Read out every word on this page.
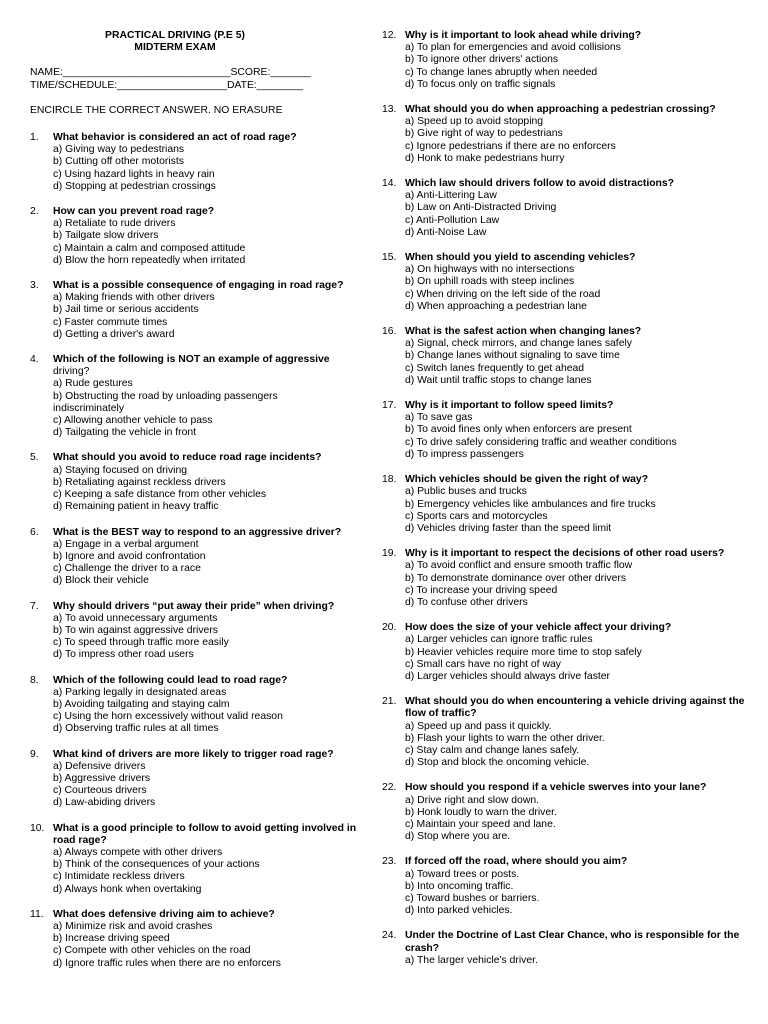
PRACTICAL DRIVING (P.E 5)
MIDTERM EXAM
NAME:_____________________________SCORE:_______
TIME/SCHEDULE:___________________DATE:________
ENCIRCLE THE CORRECT ANSWER. NO ERASURE
1.	What behavior is considered an act of road rage?
a) Giving way to pedestrians
b) Cutting off other motorists
c) Using hazard lights in heavy rain
d) Stopping at pedestrian crossings
2.	How can you prevent road rage?
a) Retaliate to rude drivers
b) Tailgate slow drivers
c) Maintain a calm and composed attitude
d) Blow the horn repeatedly when irritated
3.	What is a possible consequence of engaging in road rage?
a) Making friends with other drivers
b) Jail time or serious accidents
c) Faster commute times
d) Getting a driver's award
4.	Which of the following is NOT an example of aggressive
driving?
a) Rude gestures
b) Obstructing the road by unloading passengers
indiscriminately
c) Allowing another vehicle to pass
d) Tailgating the vehicle in front
5.	What should you avoid to reduce road rage incidents?
a) Staying focused on driving
b) Retaliating against reckless drivers
c) Keeping a safe distance from other vehicles
d) Remaining patient in heavy traffic
6.	What is the BEST way to respond to an aggressive driver?
a) Engage in a verbal argument
b) Ignore and avoid confrontation
c) Challenge the driver to a race
d) Block their vehicle
7.	Why should drivers “put away their pride” when driving?
a) To avoid unnecessary arguments
b) To win against aggressive drivers
c) To speed through traffic more easily
d) To impress other road users
8.	Which of the following could lead to road rage?
a) Parking legally in designated areas
b) Avoiding tailgating and staying calm
c) Using the horn excessively without valid reason
d) Observing traffic rules at all times
9.	What kind of drivers are more likely to trigger road rage?
a) Defensive drivers
b) Aggressive drivers
c) Courteous drivers
d) Law-abiding drivers
10. What is a good principle to follow to avoid getting involved in road rage?
a) Always compete with other drivers
b) Think of the consequences of your actions
c) Intimidate reckless drivers
d) Always honk when overtaking
11. What does defensive driving aim to achieve?
a) Minimize risk and avoid crashes
b) Increase driving speed
c) Compete with other vehicles on the road
d) Ignore traffic rules when there are no enforcers
12. Why is it important to look ahead while driving?
a) To plan for emergencies and avoid collisions
b) To ignore other drivers' actions
c) To change lanes abruptly when needed
d) To focus only on traffic signals
13. What should you do when approaching a pedestrian crossing?
a) Speed up to avoid stopping
b) Give right of way to pedestrians
c) Ignore pedestrians if there are no enforcers
d) Honk to make pedestrians hurry
14. Which law should drivers follow to avoid distractions?
a) Anti-Littering Law
b) Law on Anti-Distracted Driving
c) Anti-Pollution Law
d) Anti-Noise Law
15. When should you yield to ascending vehicles?
a) On highways with no intersections
b) On uphill roads with steep inclines
c) When driving on the left side of the road
d) When approaching a pedestrian lane
16. What is the safest action when changing lanes?
a) Signal, check mirrors, and change lanes safely
b) Change lanes without signaling to save time
c) Switch lanes frequently to get ahead
d) Wait until traffic stops to change lanes
17. Why is it important to follow speed limits?
a) To save gas
b) To avoid fines only when enforcers are present
c) To drive safely considering traffic and weather conditions
d) To impress passengers
18. Which vehicles should be given the right of way?
a) Public buses and trucks
b) Emergency vehicles like ambulances and fire trucks
c) Sports cars and motorcycles
d) Vehicles driving faster than the speed limit
19. Why is it important to respect the decisions of other road users?
a) To avoid conflict and ensure smooth traffic flow
b) To demonstrate dominance over other drivers
c) To increase your driving speed
d) To confuse other drivers
20. How does the size of your vehicle affect your driving?
a) Larger vehicles can ignore traffic rules
b) Heavier vehicles require more time to stop safely
c) Small cars have no right of way
d) Larger vehicles should always drive faster
21. What should you do when encountering a vehicle driving against the flow of traffic?
a) Speed up and pass it quickly.
b) Flash your lights to warn the other driver.
c) Stay calm and change lanes safely.
d) Stop and block the oncoming vehicle.
22. How should you respond if a vehicle swerves into your lane?
a) Drive right and slow down.
b) Honk loudly to warn the driver.
c) Maintain your speed and lane.
d) Stop where you are.
23. If forced off the road, where should you aim?
a) Toward trees or posts.
b) Into oncoming traffic.
c) Toward bushes or barriers.
d) Into parked vehicles.
24. Under the Doctrine of Last Clear Chance, who is responsible for the crash?
a) The larger vehicle's driver.
